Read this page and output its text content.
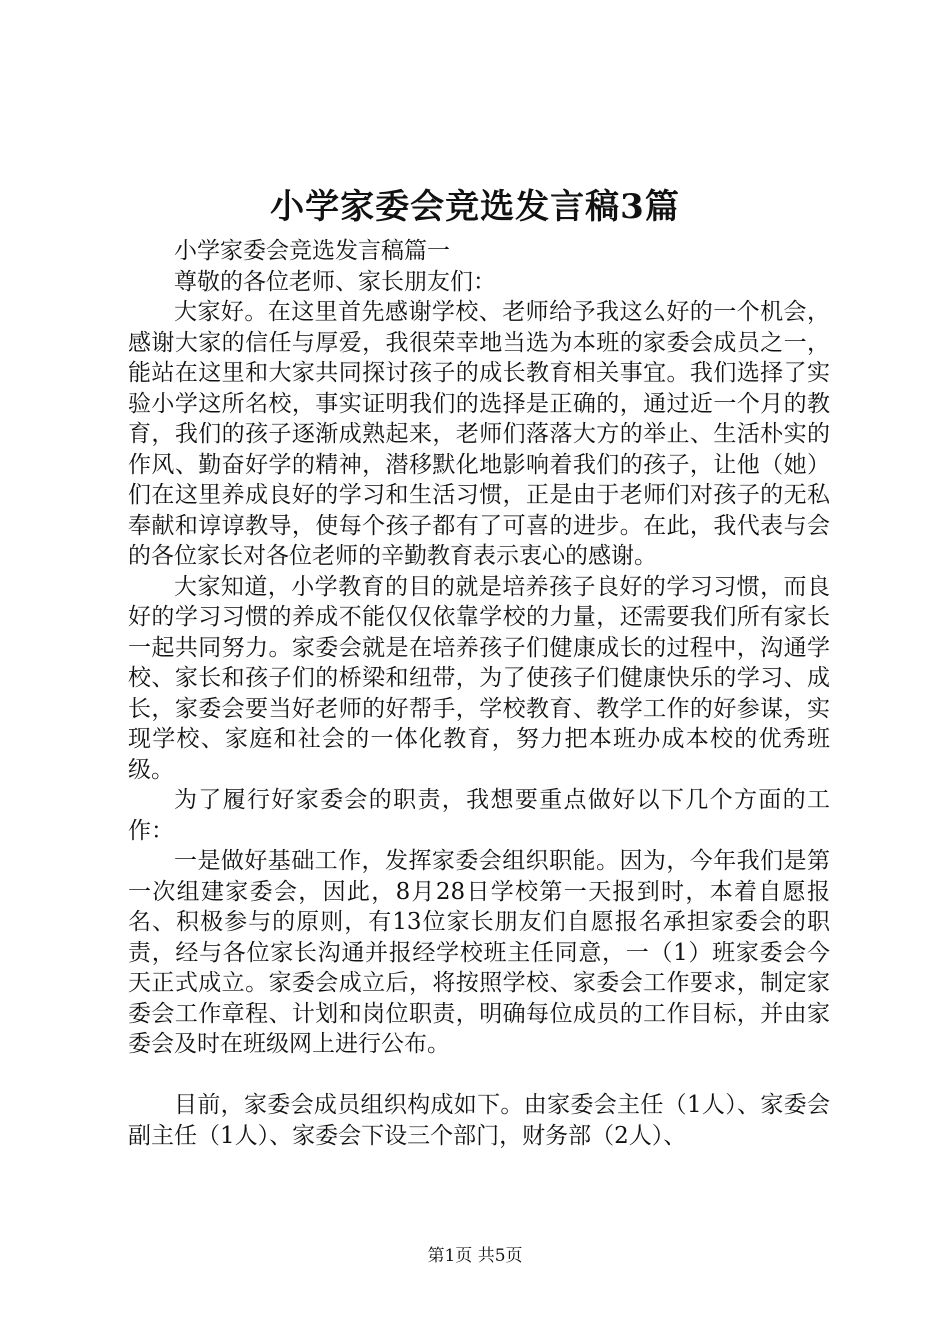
小学家委会竞选发言稿3篇

小学家委会竞选发言稿篇一

尊敬的各位老师、家长朋友们：

大家好。在这里首先感谢学校、老师给予我这么好的一个机会，感谢大家的信任与厚爱，我很荣幸地当选为本班的家委会成员之一，能站在这里和大家共同探讨孩子的成长教育相关事宜。我们选择了实验小学这所名校，事实证明我们的选择是正确的，通过近一个月的教育，我们的孩子逐渐成熟起来，老师们落落大方的举止、生活朴实的作风、勤奋好学的精神，潜移默化地影响着我们的孩子，让他（她）们在这里养成良好的学习和生活习惯，正是由于老师们对孩子的无私奉献和谆谆教导，使每个孩子都有了可喜的进步。在此，我代表与会的各位家长对各位老师的辛勤教育表示衷心的感谢。

大家知道，小学教育的目的就是培养孩子良好的学习习惯，而良好的学习习惯的养成不能仅仅依靠学校的力量，还需要我们所有家长一起共同努力。家委会就是在培养孩子们健康成长的过程中，沟通学校、家长和孩子们的桥梁和纽带，为了使孩子们健康快乐的学习、成长，家委会要当好老师的好帮手，学校教育、教学工作的好参谋，实现学校、家庭和社会的一体化教育，努力把本班办成本校的优秀班级。

为了履行好家委会的职责，我想要重点做好以下几个方面的工作：

一是做好基础工作，发挥家委会组织职能。因为，今年我们是第一次组建家委会，因此，8月28日学校第一天报到时，本着自愿报名、积极参与的原则，有13位家长朋友们自愿报名承担家委会的职责，经与各位家长沟通并报经学校班主任同意，一（1）班家委会今天正式成立。家委会成立后，将按照学校、家委会工作要求，制定家委会工作章程、计划和岗位职责，明确每位成员的工作目标，并由家委会及时在班级网上进行公布。

目前，家委会成员组织构成如下。由家委会主任（1人）、家委会副主任（1人）、家委会下设三个部门，财务部（2人）、

第1页 共5页
